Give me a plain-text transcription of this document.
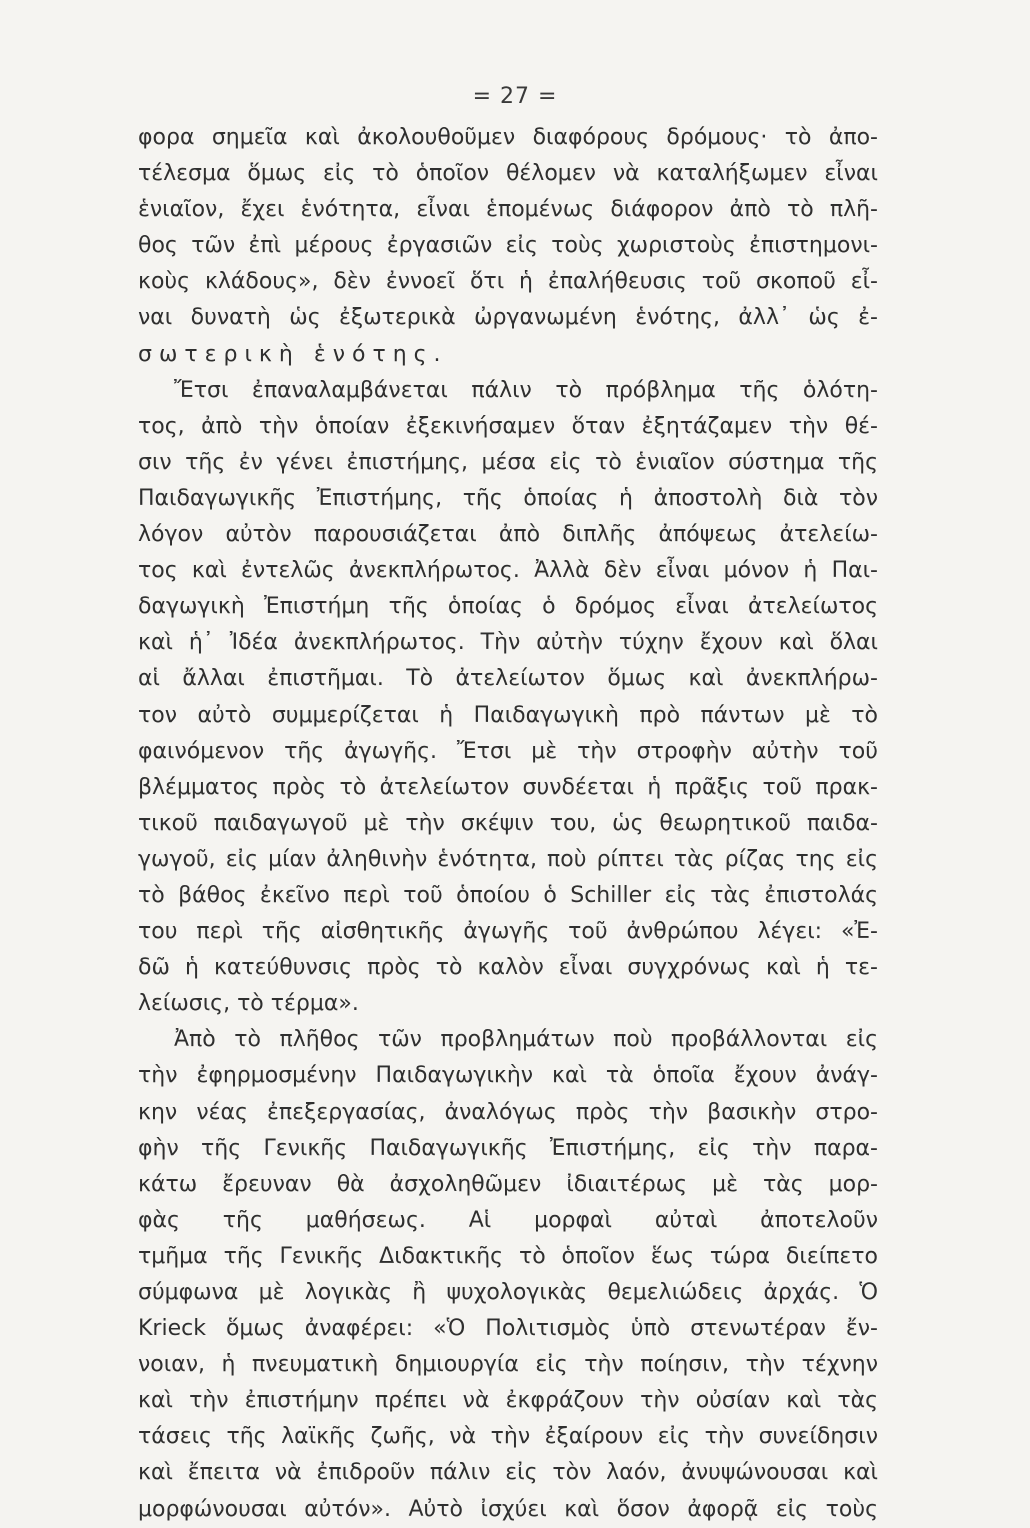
= 27 =
φορα σημεῖα καὶ ἀκολουθοῦμεν διαφόρους δρόμους· τὸ ἀπο-
τέλεσμα ὅμως εἰς τὸ ὁποῖον θέλομεν νὰ καταλήξωμεν εἶναι
ἑνιαῖον, ἔχει ἑνότητα, εἶναι ἑπομένως διάφορον ἀπὸ τὸ πλῆ-
θος τῶν ἐπὶ μέρους ἐργασιῶν εἰς τοὺς χωριστοὺς ἐπιστημονι-
κοὺς κλάδους», δὲν ἐννοεῖ ὅτι ἡ ἐπαλήθευσις τοῦ σκοποῦ εἶ-
ναι δυνατὴ ὡς ἐξωτερικὰ ὠργανωμένη ἑνότης, ἀλλ᾽ ὡς ἐ-
σωτερικὴ ἑνότης.
Ἔτσι ἐπαναλαμβάνεται πάλιν τὸ πρόβλημα τῆς ὁλότη-
τος, ἀπὸ τὴν ὁποίαν ἐξεκινήσαμεν ὅταν ἐξητάζαμεν τὴν θέ-
σιν τῆς ἐν γένει ἐπιστήμης, μέσα εἰς τὸ ἑνιαῖον σύστημα τῆς
Παιδαγωγικῆς Ἐπιστήμης, τῆς ὁποίας ἡ ἀποστολὴ διὰ τὸν
λόγον αὐτὸν παρουσιάζεται ἀπὸ διπλῆς ἀπόψεως ἀτελείω-
τος καὶ ἐντελῶς ἀνεκπλήρωτος. Ἀλλὰ δὲν εἶναι μόνον ἡ Παι-
δαγωγικὴ Ἐπιστήμη τῆς ὁποίας ὁ δρόμος εἶναι ἀτελείωτος
καὶ ἡ᾽ Ἰδέα ἀνεκπλήρωτος. Τὴν αὐτὴν τύχην ἔχουν καὶ ὅλαι
αἱ ἄλλαι ἐπιστῆμαι. Τὸ ἀτελείωτον ὅμως καὶ ἀνεκπλήρω-
τον αὐτὸ συμμερίζεται ἡ Παιδαγωγικὴ πρὸ πάντων μὲ τὸ
φαινόμενον τῆς ἀγωγῆς. Ἔτσι μὲ τὴν στροφὴν αὐτὴν τοῦ
βλέμματος πρὸς τὸ ἀτελείωτον συνδέεται ἡ πρᾶξις τοῦ πρακ-
τικοῦ παιδαγωγοῦ μὲ τὴν σκέψιν του, ὡς θεωρητικοῦ παιδα-
γωγοῦ, εἰς μίαν ἀληθινὴν ἑνότητα, ποὺ ρίπτει τὰς ρίζας της εἰς
τὸ βάθος ἐκεῖνο περὶ τοῦ ὁποίου ὁ Schiller εἰς τὰς ἐπιστολάς
του περὶ τῆς αἰσθητικῆς ἀγωγῆς τοῦ ἀνθρώπου λέγει: «Ἐ-
δῶ ἡ κατεύθυνσις πρὸς τὸ καλὸν εἶναι συγχρόνως καὶ ἡ τε-
λείωσις, τὸ τέρμα».
Ἀπὸ τὸ πλῆθος τῶν προβλημάτων ποὺ προβάλλονται εἰς
τὴν ἐφηρμοσμένην Παιδαγωγικὴν καὶ τὰ ὁποῖα ἔχουν ἀνάγ-
κην νέας ἐπεξεργασίας, ἀναλόγως πρὸς τὴν βασικὴν στρο-
φὴν τῆς Γενικῆς Παιδαγωγικῆς Ἐπιστήμης, εἰς τὴν παρα-
κάτω ἔρευναν θὰ ἀσχοληθῶμεν ἰδιαιτέρως μὲ τὰς μορ-
φὰς τῆς μαθήσεως. Αἱ μορφαὶ αὐταὶ ἀποτελοῦν
τμῆμα τῆς Γενικῆς Διδακτικῆς τὸ ὁποῖον ἕως τώρα διείπετο
σύμφωνα μὲ λογικὰς ἢ ψυχολογικὰς θεμελιώδεις ἀρχάς. Ὁ
Krieck ὅμως ἀναφέρει: «Ὁ Πολιτισμὸς ὑπὸ στενωτέραν ἔν-
νοιαν, ἡ πνευματικὴ δημιουργία εἰς τὴν ποίησιν, τὴν τέχνην
καὶ τὴν ἐπιστήμην πρέπει νὰ ἐκφράζουν τὴν οὐσίαν καὶ τὰς
τάσεις τῆς λαϊκῆς ζωῆς, νὰ τὴν ἐξαίρουν εἰς τὴν συνείδησιν
καὶ ἔπειτα νὰ ἐπιδροῦν πάλιν εἰς τὸν λαόν, ἀνυψώνουσαι καὶ
μορφώνουσαι αὐτόν». Αὐτὸ ἰσχύει καὶ ὅσον ἀφορᾷ εἰς τοὺς
